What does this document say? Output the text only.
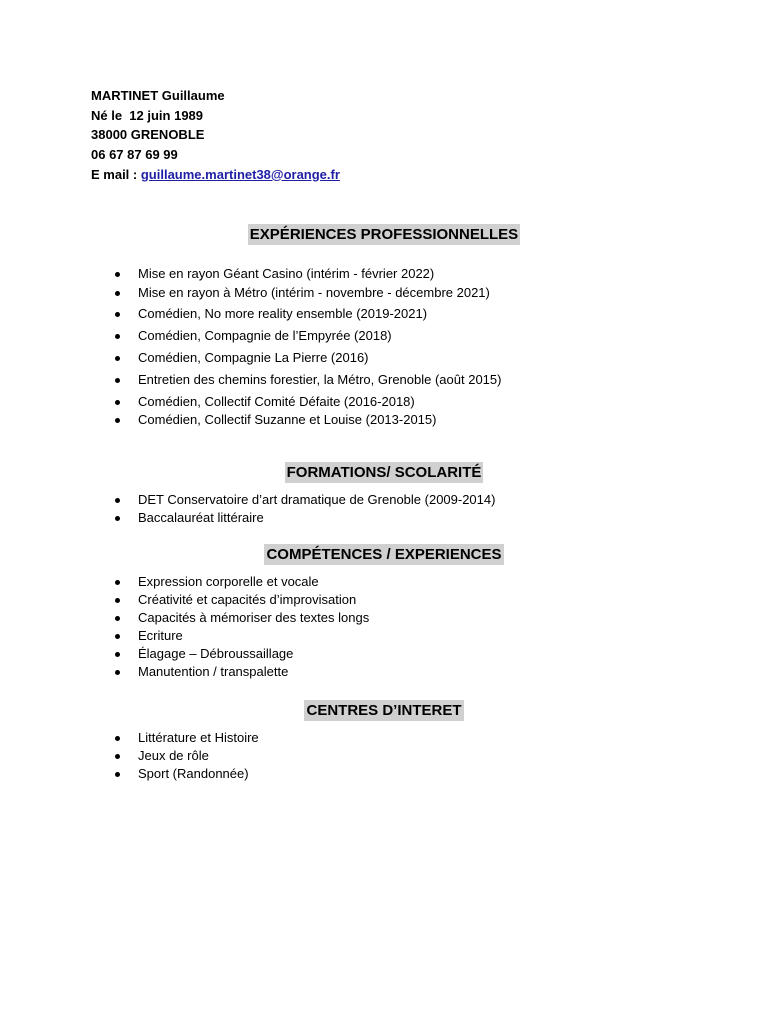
MARTINET Guillaume
Né le  12 juin 1989
38000 GRENOBLE
06 67 87 69 99
E mail : guillaume.martinet38@orange.fr
EXPÉRIENCES PROFESSIONNELLES
Mise en rayon Géant Casino (intérim - février 2022)
Mise en rayon à Métro (intérim - novembre - décembre 2021)
Comédien, No more reality ensemble (2019-2021)
Comédien, Compagnie de l’Empyrée (2018)
Comédien, Compagnie La Pierre (2016)
Entretien des chemins forestier, la Métro, Grenoble (août 2015)
Comédien, Collectif Comité Défaite (2016-2018)
Comédien, Collectif Suzanne et Louise (2013-2015)
FORMATIONS/ SCOLARITÉ
DET Conservatoire d’art dramatique de Grenoble (2009-2014)
Baccalauréat littéraire
COMPÉTENCES / EXPERIENCES
Expression corporelle et vocale
Créativité et capacités d’improvisation
Capacités à mémoriser des textes longs
Ecriture
Élagage – Débroussaillage
Manutention / transpalette
CENTRES D’INTERET
Littérature et Histoire
Jeux de rôle
Sport (Randonnée)
